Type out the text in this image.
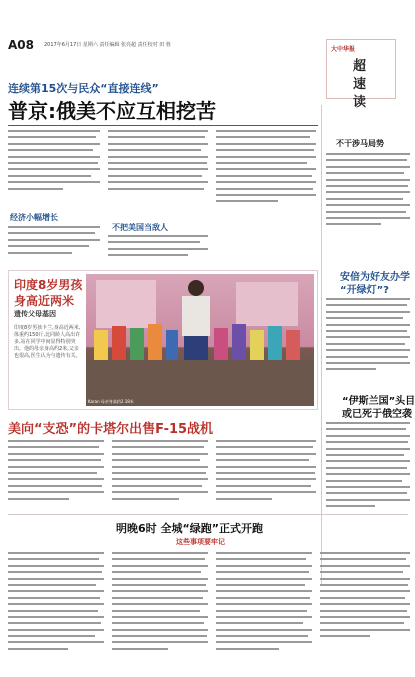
A08 2017年6月17日 星期六 责任编辑 张亮超 责任校对 田 蓉
大中华报
超速读
连续第15次与民众“直接连线”
普京:俄美不应互相挖苦
经济小幅增长
不把美国当敌人
不干涉马局势
安倍为好友办学
“开绿灯”?
“伊斯兰国”头目
或已死于俄空袭
印度8岁男孩
身高近两米
遗传父母基因
印度8岁男孩卡兰,身高近两米,体重约150斤,比同龄人高出许多,站在同学中间显得特别突出。他的母亲身高约2米,父亲也很高,医生认为与遗传有关。
Karan 母亲身高约2.18米
美向“支恐”的卡塔尔出售F-15战机
明晚6时 全城“绿跑”正式开跑
这些事项要牢记
